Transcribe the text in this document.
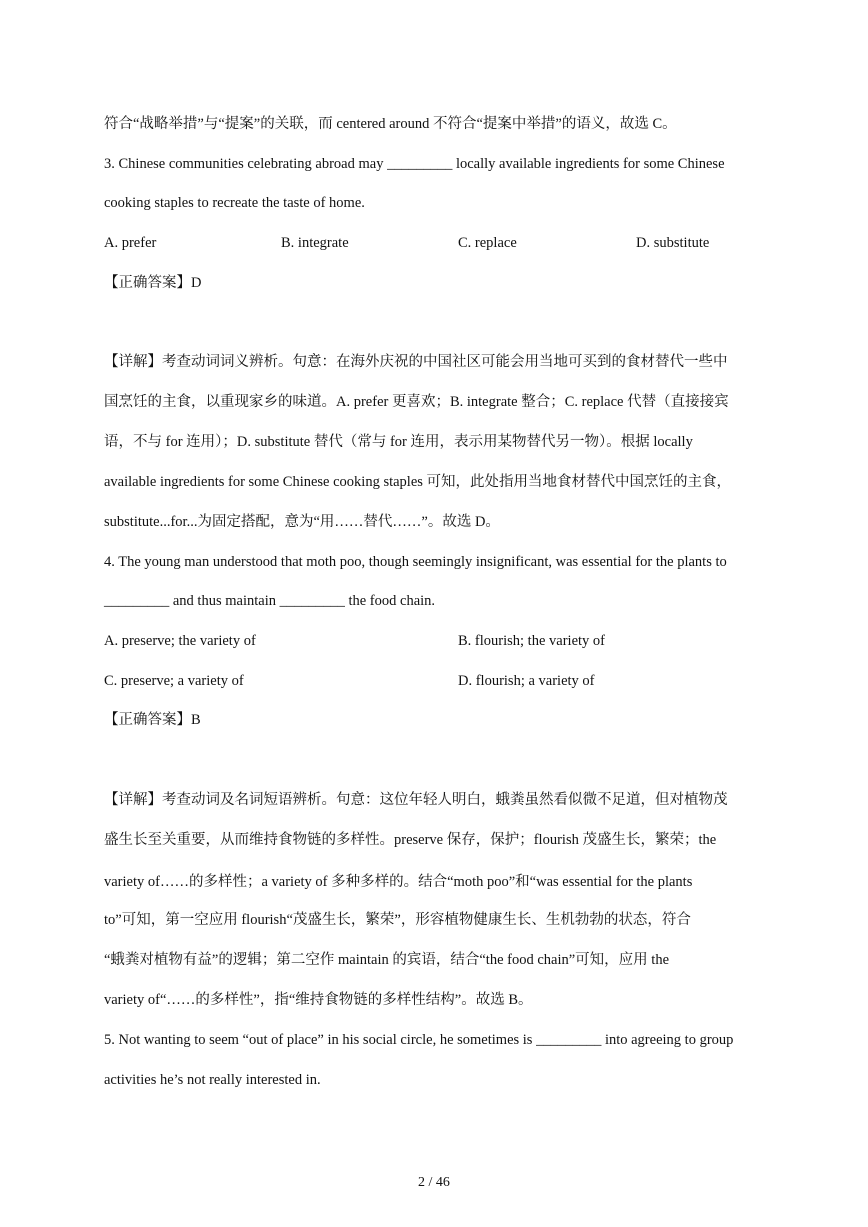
符合“战略举措”与“提案”的关联，而 centered around 不符合“提案中举措”的语义，故选 C。
3. Chinese communities celebrating abroad may _________ locally available ingredients for some Chinese
cooking staples to recreate the taste of home.
A. prefer	B. integrate	C. replace	D. substitute
【正确答案】D
【详解】考查动词词义辨析。句意：在海外庆祝的中国社区可能会用当地可买到的食材替代一些中
国烹饪的主食，以重现家乡的味道。A. prefer 更喜欢；B. integrate 整合；C. replace 代替（直接接宾
语，不与 for 连用）；D. substitute 替代（常与 for 连用，表示用某物替代另一物）。根据 locally
available ingredients for some Chinese cooking staples 可知，此处指用当地食材替代中国烹饪的主食，
substitute...for...为固定搭配，意为“用……替代……”。故选 D。
4. The young man understood that moth poo, though seemingly insignificant, was essential for the plants to
_________ and thus maintain _________ the food chain.
A. preserve; the variety of	B. flourish; the variety of
C. preserve; a variety of	D. flourish; a variety of
【正确答案】B
【详解】考查动词及名词短语辨析。句意：这位年轻人明白，蛾粪虽然看似微不足道，但对植物茂
盛生长至关重要，从而维持食物链的多样性。preserve 保存，保护；flourish 茂盛生长，繁荣；the
variety of……的多样性；a variety of 多种多样的。结合“moth poo”和“was essential for the plants
to”可知，第一空应用 flourish“茂盛生长，繁荣”，形容植物健康生长、生机勃勃的状态，符合
“蛾粪对植物有益”的逻辑；第二空作 maintain 的宾语，结合“the food chain”可知，应用 the
variety of“……的多样性”，指“维持食物链的多样性结构”。故选 B。
5. Not wanting to seem “out of place” in his social circle, he sometimes is _________ into agreeing to group
activities he’s not really interested in.
2 / 46
